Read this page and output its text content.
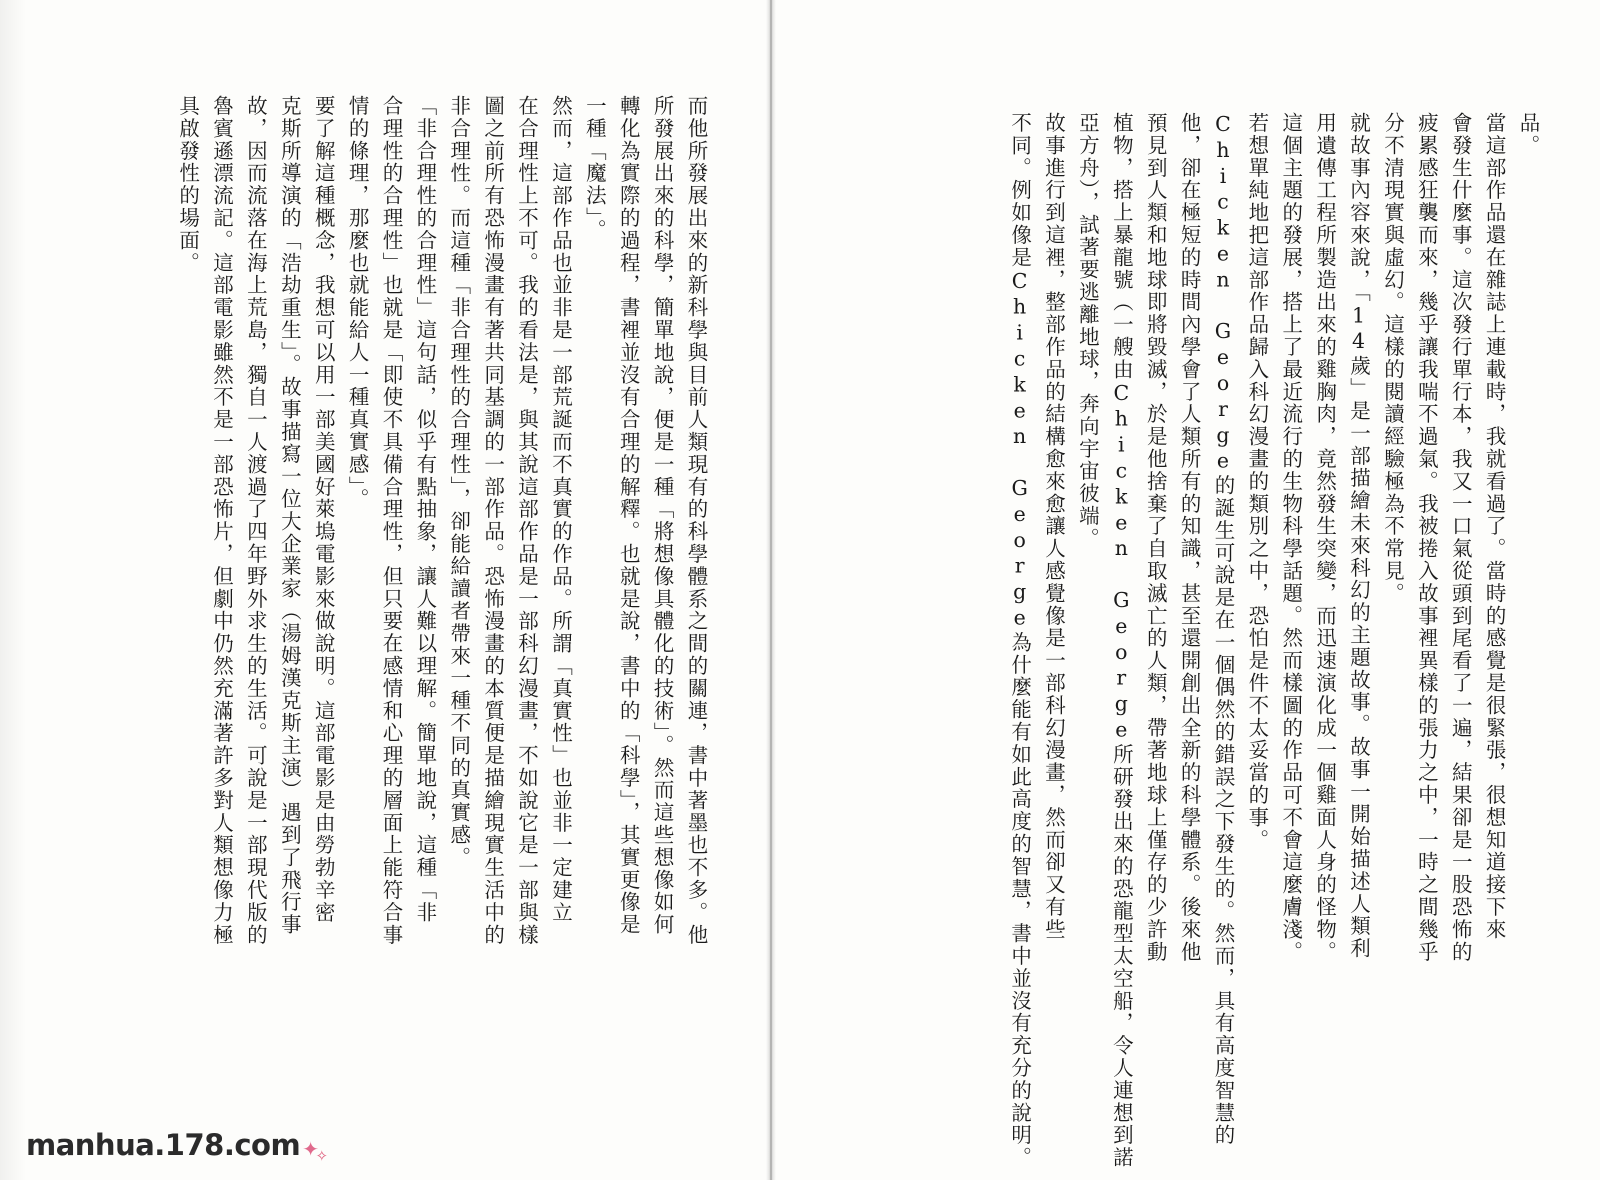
品。
當這部作品還在雜誌上連載時，我就看過了。當時的感覺是很緊張，很想知道接下來
會發生什麼事。這次發行單行本，我又一口氣從頭到尾看了一遍，結果卻是一股恐怖的
疲累感狂襲而來，幾乎讓我喘不過氣。我被捲入故事裡異樣的張力之中，一時之間幾乎
分不清現實與虛幻。這樣的閱讀經驗極為不常見。
就故事內容來說，「14歲」是一部描繪未來科幻的主題故事。故事一開始描述人類利
用遺傳工程所製造出來的雞胸肉，竟然發生突變，而迅速演化成一個雞面人身的怪物。
這個主題的發展，搭上了最近流行的生物科學話題。然而樣圖的作品可不會這麼膚淺。
若想單純地把這部作品歸入科幻漫畫的類別之中，恐怕是件不太妥當的事。
Chicken George的誕生可說是在一個偶然的錯誤之下發生的。然而，具有高度智慧的
他，卻在極短的時間內學會了人類所有的知識，甚至還開創出全新的科學體系。後來他
預見到人類和地球即將毀滅，於是他捨棄了自取滅亡的人類，帶著地球上僅存的少許動
植物，搭上暴龍號（一艘由Chicken George所研發出來的恐龍型太空船，令人連想到諾
亞方舟），試著要逃離地球，奔向宇宙彼端。
故事進行到這裡，整部作品的結構愈來愈讓人感覺像是一部科幻漫畫，然而卻又有些
不同。例如像是Chicken George為什麼能有如此高度的智慧，書中並沒有充分的說明。
而他所發展出來的新科學與目前人類現有的科學體系之間的關連，書中著墨也不多。他
所發展出來的科學，簡單地說，便是一種「將想像具體化的技術」。然而這些想像如何
轉化為實際的過程，書裡並沒有合理的解釋。也就是說，書中的「科學」，其實更像是
一種「魔法」。
然而，這部作品也並非是一部荒誕而不真實的作品。所謂「真實性」也並非一定建立
在合理性上不可。我的看法是，與其說這部作品是一部科幻漫畫，不如說它是一部與樣
圖之前所有恐怖漫畫有著共同基調的一部作品。恐怖漫畫的本質便是描繪現實生活中的
非合理性。而這種「非合理性的合理性」，卻能給讀者帶來一種不同的真實感。
「非合理性的合理性」這句話，似乎有點抽象，讓人難以理解。簡單地說，這種「非
合理性的合理性」也就是「即使不具備合理性，但只要在感情和心理的層面上能符合事
情的條理，那麼也就能給人一種真實感」。
要了解這種概念，我想可以用一部美國好萊塢電影來做說明。這部電影是由勞勃辛密
克斯所導演的「浩劫重生」。故事描寫一位大企業家（湯姆漢克斯主演）遇到了飛行事
故，因而流落在海上荒島，獨自一人渡過了四年野外求生的生活。可說是一部現代版的
魯賓遜漂流記。這部電影雖然不是一部恐怖片，但劇中仍然充滿著許多對人類想像力極
具啟發性的場面。
manhua.178.com ✦
✧
